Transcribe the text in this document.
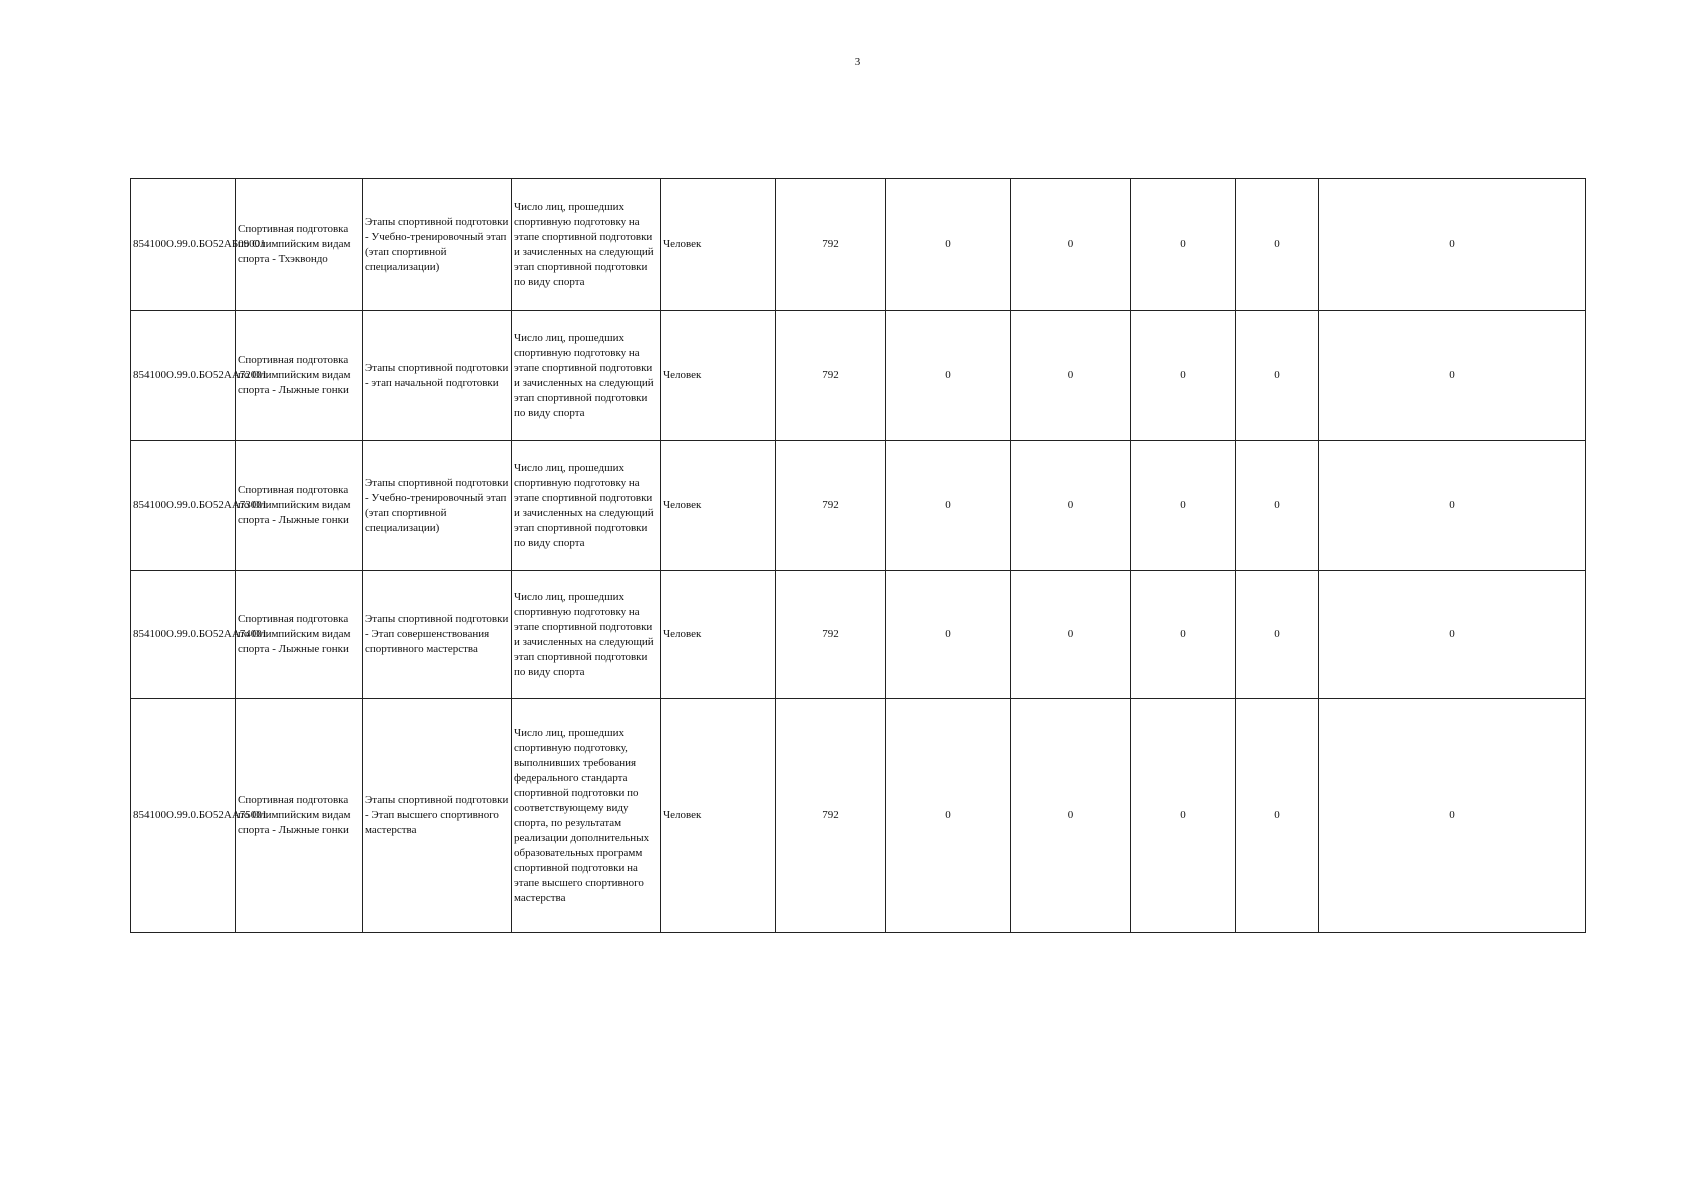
3
854100О.99.0.БО52АБ09001	Спортивная подготовка по Олимпийским видам спорта - Тхэквондо	Этапы спортивной подготовки - Учебно-тренировочный этап (этап спортивной специализации)	Число лиц, прошедших спортивную подготовку на этапе спортивной подготовки и зачисленных на следующий этап спортивной подготовки по виду спорта	Человек	792	0	0	0	0	0
854100О.99.0.БО52АА72001	Спортивная подготовка по Олимпийским видам спорта - Лыжные гонки	Этапы спортивной подготовки - этап начальной подготовки	Число лиц, прошедших спортивную подготовку на этапе спортивной подготовки и зачисленных на следующий этап спортивной подготовки по виду спорта	Человек	792	0	0	0	0	0
854100О.99.0.БО52АА73001	Спортивная подготовка по Олимпийским видам спорта - Лыжные гонки	Этапы спортивной подготовки - Учебно-тренировочный этап (этап спортивной специализации)	Число лиц, прошедших спортивную подготовку на этапе спортивной подготовки и зачисленных на следующий этап спортивной подготовки по виду спорта	Человек	792	0	0	0	0	0
854100О.99.0.БО52АА74001	Спортивная подготовка по Олимпийским видам спорта - Лыжные гонки	Этапы спортивной подготовки - Этап совершенствования спортивного мастерства	Число лиц, прошедших спортивную подготовку на этапе спортивной подготовки и зачисленных на следующий этап спортивной подготовки по виду спорта	Человек	792	0	0	0	0	0
854100О.99.0.БО52АА75001	Спортивная подготовка по Олимпийским видам спорта - Лыжные гонки	Этапы спортивной подготовки - Этап высшего спортивного мастерства	Число лиц, прошедших спортивную подготовку, выполнивших требования федерального стандарта спортивной подготовки по соответствующему виду спорта, по результатам реализации дополнительных образовательных программ спортивной подготовки на этапе высшего спортивного мастерства	Человек	792	0	0	0	0	0
